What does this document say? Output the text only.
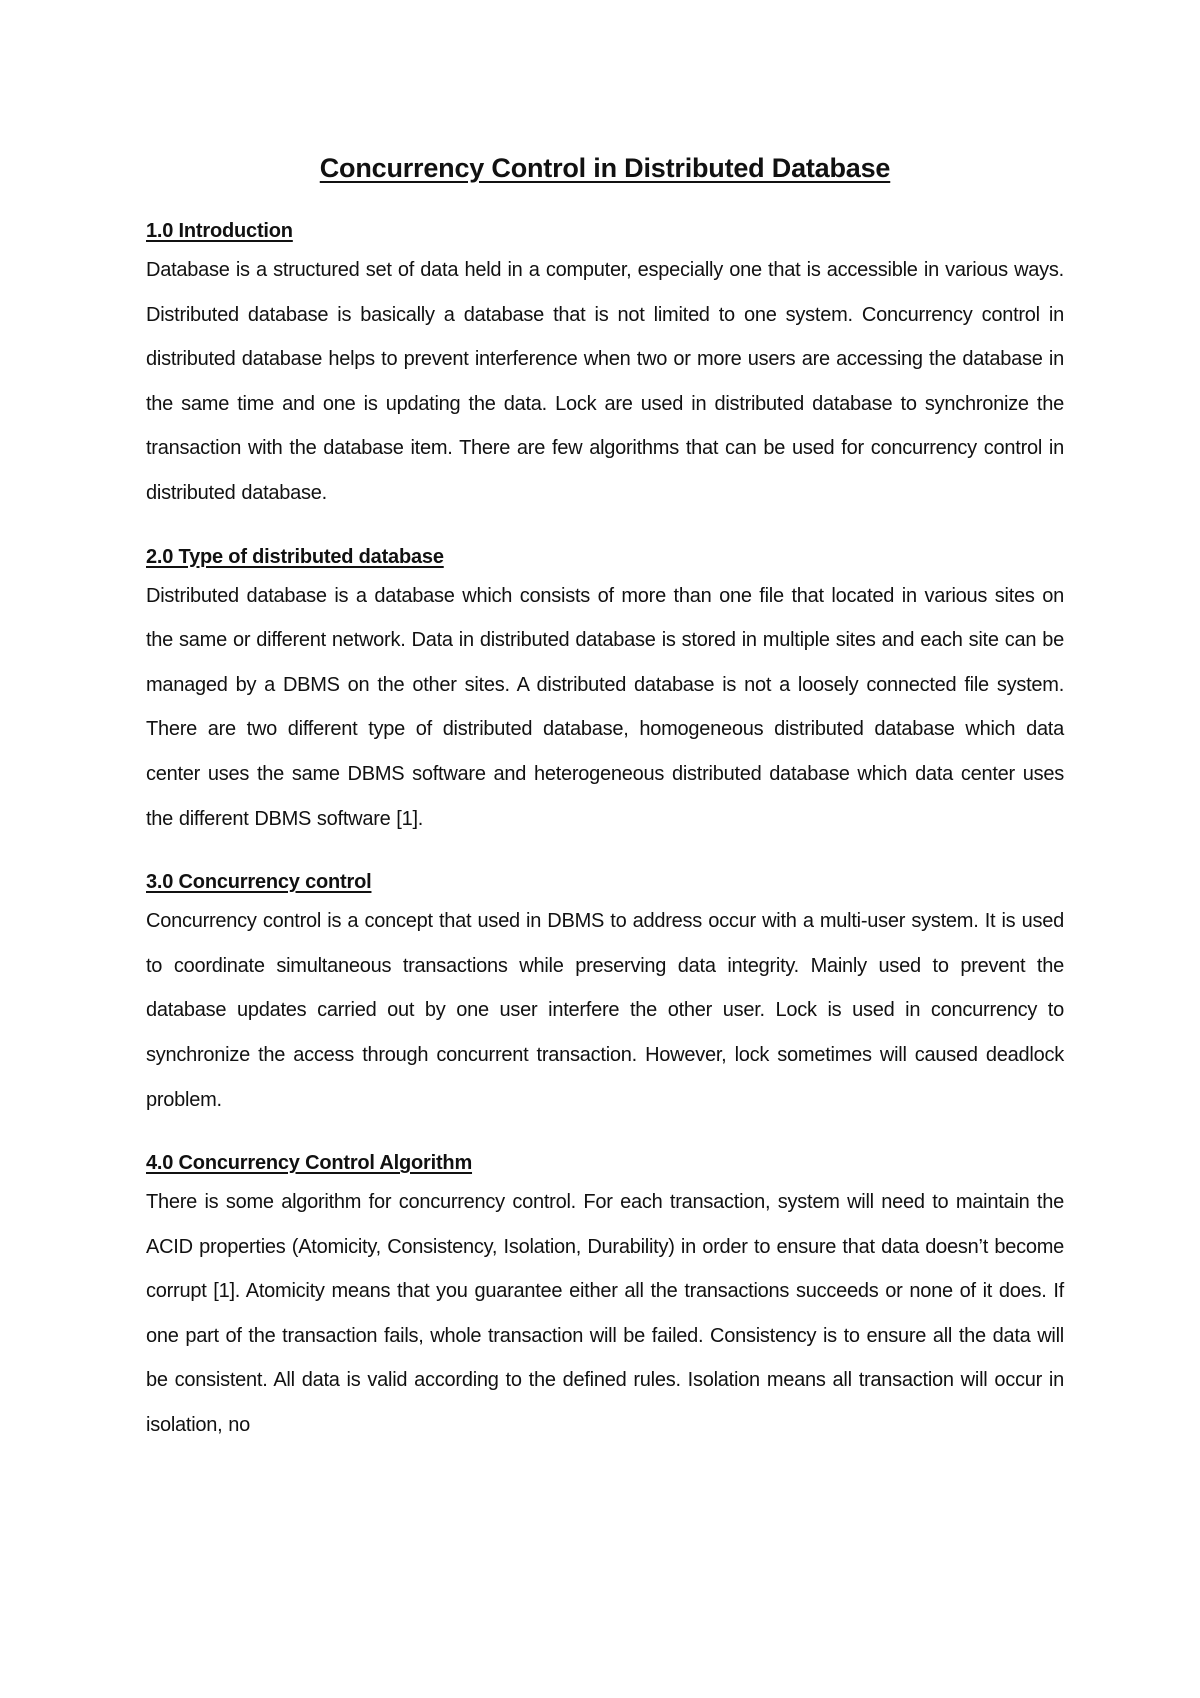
Concurrency Control in Distributed Database
1.0 Introduction

Database is a structured set of data held in a computer, especially one that is accessible in various ways. Distributed database is basically a database that is not limited to one system. Concurrency control in distributed database helps to prevent interference when two or more users are accessing the database in the same time and one is updating the data. Lock are used in distributed database to synchronize the transaction with the database item. There are few algorithms that can be used for concurrency control in distributed database.

2.0 Type of distributed database

Distributed database is a database which consists of more than one file that located in various sites on the same or different network. Data in distributed database is stored in multiple sites and each site can be managed by a DBMS on the other sites. A distributed database is not a loosely connected file system. There are two different type of distributed database, homogeneous distributed database which data center uses the same DBMS software and heterogeneous distributed database which data center uses the different DBMS software [1].

3.0 Concurrency control

Concurrency control is a concept that used in DBMS to address occur with a multi-user system. It is used to coordinate simultaneous transactions while preserving data integrity. Mainly used to prevent the database updates carried out by one user interfere the other user. Lock is used in concurrency to synchronize the access through concurrent transaction. However, lock sometimes will caused deadlock problem.

4.0 Concurrency Control Algorithm

There is some algorithm for concurrency control. For each transaction, system will need to maintain the ACID properties (Atomicity, Consistency, Isolation, Durability) in order to ensure that data doesn’t become corrupt [1]. Atomicity means that you guarantee either all the transactions succeeds or none of it does. If one part of the transaction fails, whole transaction will be failed. Consistency is to ensure all the data will be consistent. All data is valid according to the defined rules. Isolation means all transaction will occur in isolation, no
